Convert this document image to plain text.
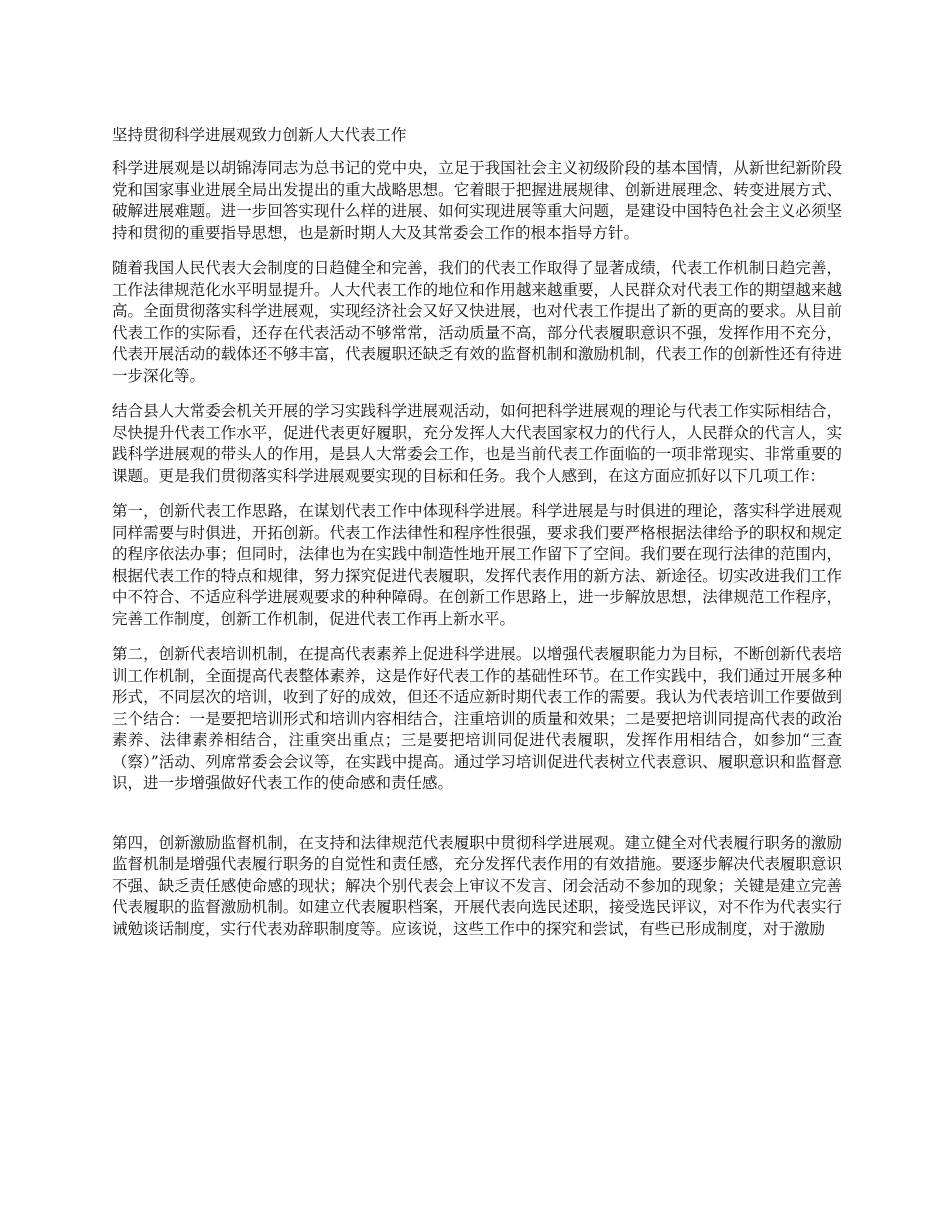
坚持贯彻科学进展观致力创新人大代表工作

科学进展观是以胡锦涛同志为总书记的党中央，立足于我国社会主义初级阶段的基本国情，从新世纪新阶段党和国家事业进展全局出发提出的重大战略思想。它着眼于把握进展规律、创新进展理念、转变进展方式、破解进展难题。进一步回答实现什么样的进展、如何实现进展等重大问题，是建设中国特色社会主义必须坚持和贯彻的重要指导思想，也是新时期人大及其常委会工作的根本指导方针。

随着我国人民代表大会制度的日趋健全和完善，我们的代表工作取得了显著成绩，代表工作机制日趋完善，工作法律规范化水平明显提升。人大代表工作的地位和作用越来越重要，人民群众对代表工作的期望越来越高。全面贯彻落实科学进展观，实现经济社会又好又快进展，也对代表工作提出了新的更高的要求。从目前代表工作的实际看，还存在代表活动不够常常，活动质量不高，部分代表履职意识不强，发挥作用不充分，代表开展活动的载体还不够丰富，代表履职还缺乏有效的监督机制和激励机制，代表工作的创新性还有待进一步深化等。

结合县人大常委会机关开展的学习实践科学进展观活动，如何把科学进展观的理论与代表工作实际相结合，尽快提升代表工作水平，促进代表更好履职，充分发挥人大代表国家权力的代行人，人民群众的代言人，实践科学进展观的带头人的作用，是县人大常委会工作，也是当前代表工作面临的一项非常现实、非常重要的课题。更是我们贯彻落实科学进展观要实现的目标和任务。我个人感到，在这方面应抓好以下几项工作：

第一，创新代表工作思路，在谋划代表工作中体现科学进展。科学进展是与时俱进的理论，落实科学进展观同样需要与时俱进，开拓创新。代表工作法律性和程序性很强，要求我们要严格根据法律给予的职权和规定的程序依法办事；但同时，法律也为在实践中制造性地开展工作留下了空间。我们要在现行法律的范围内，根据代表工作的特点和规律，努力探究促进代表履职，发挥代表作用的新方法、新途径。切实改进我们工作中不符合、不适应科学进展观要求的种种障碍。在创新工作思路上，进一步解放思想，法律规范工作程序，完善工作制度，创新工作机制，促进代表工作再上新水平。

第二，创新代表培训机制，在提高代表素养上促进科学进展。以增强代表履职能力为目标，不断创新代表培训工作机制，全面提高代表整体素养，这是作好代表工作的基础性环节。在工作实践中，我们通过开展多种形式，不同层次的培训，收到了好的成效，但还不适应新时期代表工作的需要。我认为代表培训工作要做到三个结合：一是要把培训形式和培训内容相结合，注重培训的质量和效果；二是要把培训同提高代表的政治素养、法律素养相结合，注重突出重点；三是要把培训同促进代表履职，发挥作用相结合，如参加“三查（察）”活动、列席常委会会议等，在实践中提高。通过学习培训促进代表树立代表意识、履职意识和监督意识，进一步增强做好代表工作的使命感和责任感。

第四，创新激励监督机制，在支持和法律规范代表履职中贯彻科学进展观。建立健全对代表履行职务的激励监督机制是增强代表履行职务的自觉性和责任感，充分发挥代表作用的有效措施。要逐步解决代表履职意识不强、缺乏责任感使命感的现状；解决个别代表会上审议不发言、闭会活动不参加的现象；关键是建立完善代表履职的监督激励机制。如建立代表履职档案，开展代表向选民述职，接受选民评议，对不作为代表实行诫勉谈话制度，实行代表劝辞职制度等。应该说，这些工作中的探究和尝试，有些已形成制度，对于激励
